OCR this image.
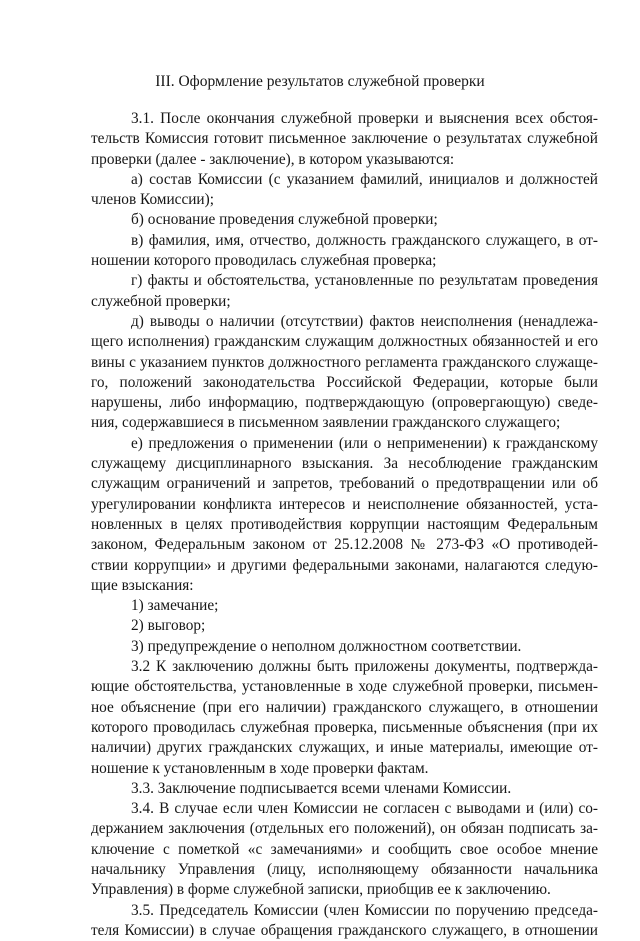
III. Оформление результатов служебной проверки
3.1. После окончания служебной проверки и выяснения всех обстоя-
тельств Комиссия готовит письменное заключение о результатах служебной
проверки (далее - заключение), в котором указываются:
а) состав Комиссии (с указанием фамилий, инициалов и должностей
членов Комиссии);
б) основание проведения служебной проверки;
в) фамилия, имя, отчество, должность гражданского служащего, в от-
ношении которого проводилась служебная проверка;
г) факты и обстоятельства, установленные по результатам проведения
служебной проверки;
д) выводы о наличии (отсутствии) фактов неисполнения (ненадлежа-
щего исполнения) гражданским служащим должностных обязанностей и его
вины с указанием пунктов должностного регламента гражданского служаще-
го, положений законодательства Российской Федерации, которые были
нарушены, либо информацию, подтверждающую (опровергающую) сведе-
ния, содержавшиеся в письменном заявлении гражданского служащего;
е) предложения о применении (или о неприменении) к гражданскому
служащему дисциплинарного взыскания. За несоблюдение гражданским
служащим ограничений и запретов, требований о предотвращении или об
урегулировании конфликта интересов и неисполнение обязанностей, уста-
новленных в целях противодействия коррупции настоящим Федеральным
законом, Федеральным законом от 25.12.2008 № 273-ФЗ «О противодей-
ствии коррупции» и другими федеральными законами, налагаются следую-
щие взыскания:
1) замечание;
2) выговор;
3) предупреждение о неполном должностном соответствии.
3.2 К заключению должны быть приложены документы, подтвержда-
ющие обстоятельства, установленные в ходе служебной проверки, письмен-
ное объяснение (при его наличии) гражданского служащего, в отношении
которого проводилась служебная проверка, письменные объяснения (при их
наличии) других гражданских служащих, и иные материалы, имеющие от-
ношение к установленным в ходе проверки фактам.
3.3. Заключение подписывается всеми членами Комиссии.
3.4. В случае если член Комиссии не согласен с выводами и (или) со-
держанием заключения (отдельных его положений), он обязан подписать за-
ключение с пометкой «с замечаниями» и сообщить свое особое мнение
начальнику Управления (лицу, исполняющему обязанности начальника
Управления) в форме служебной записки, приобщив ее к заключению.
3.5. Председатель Комиссии (член Комиссии по поручению председа-
теля Комиссии) в случае обращения гражданского служащего, в отношении
